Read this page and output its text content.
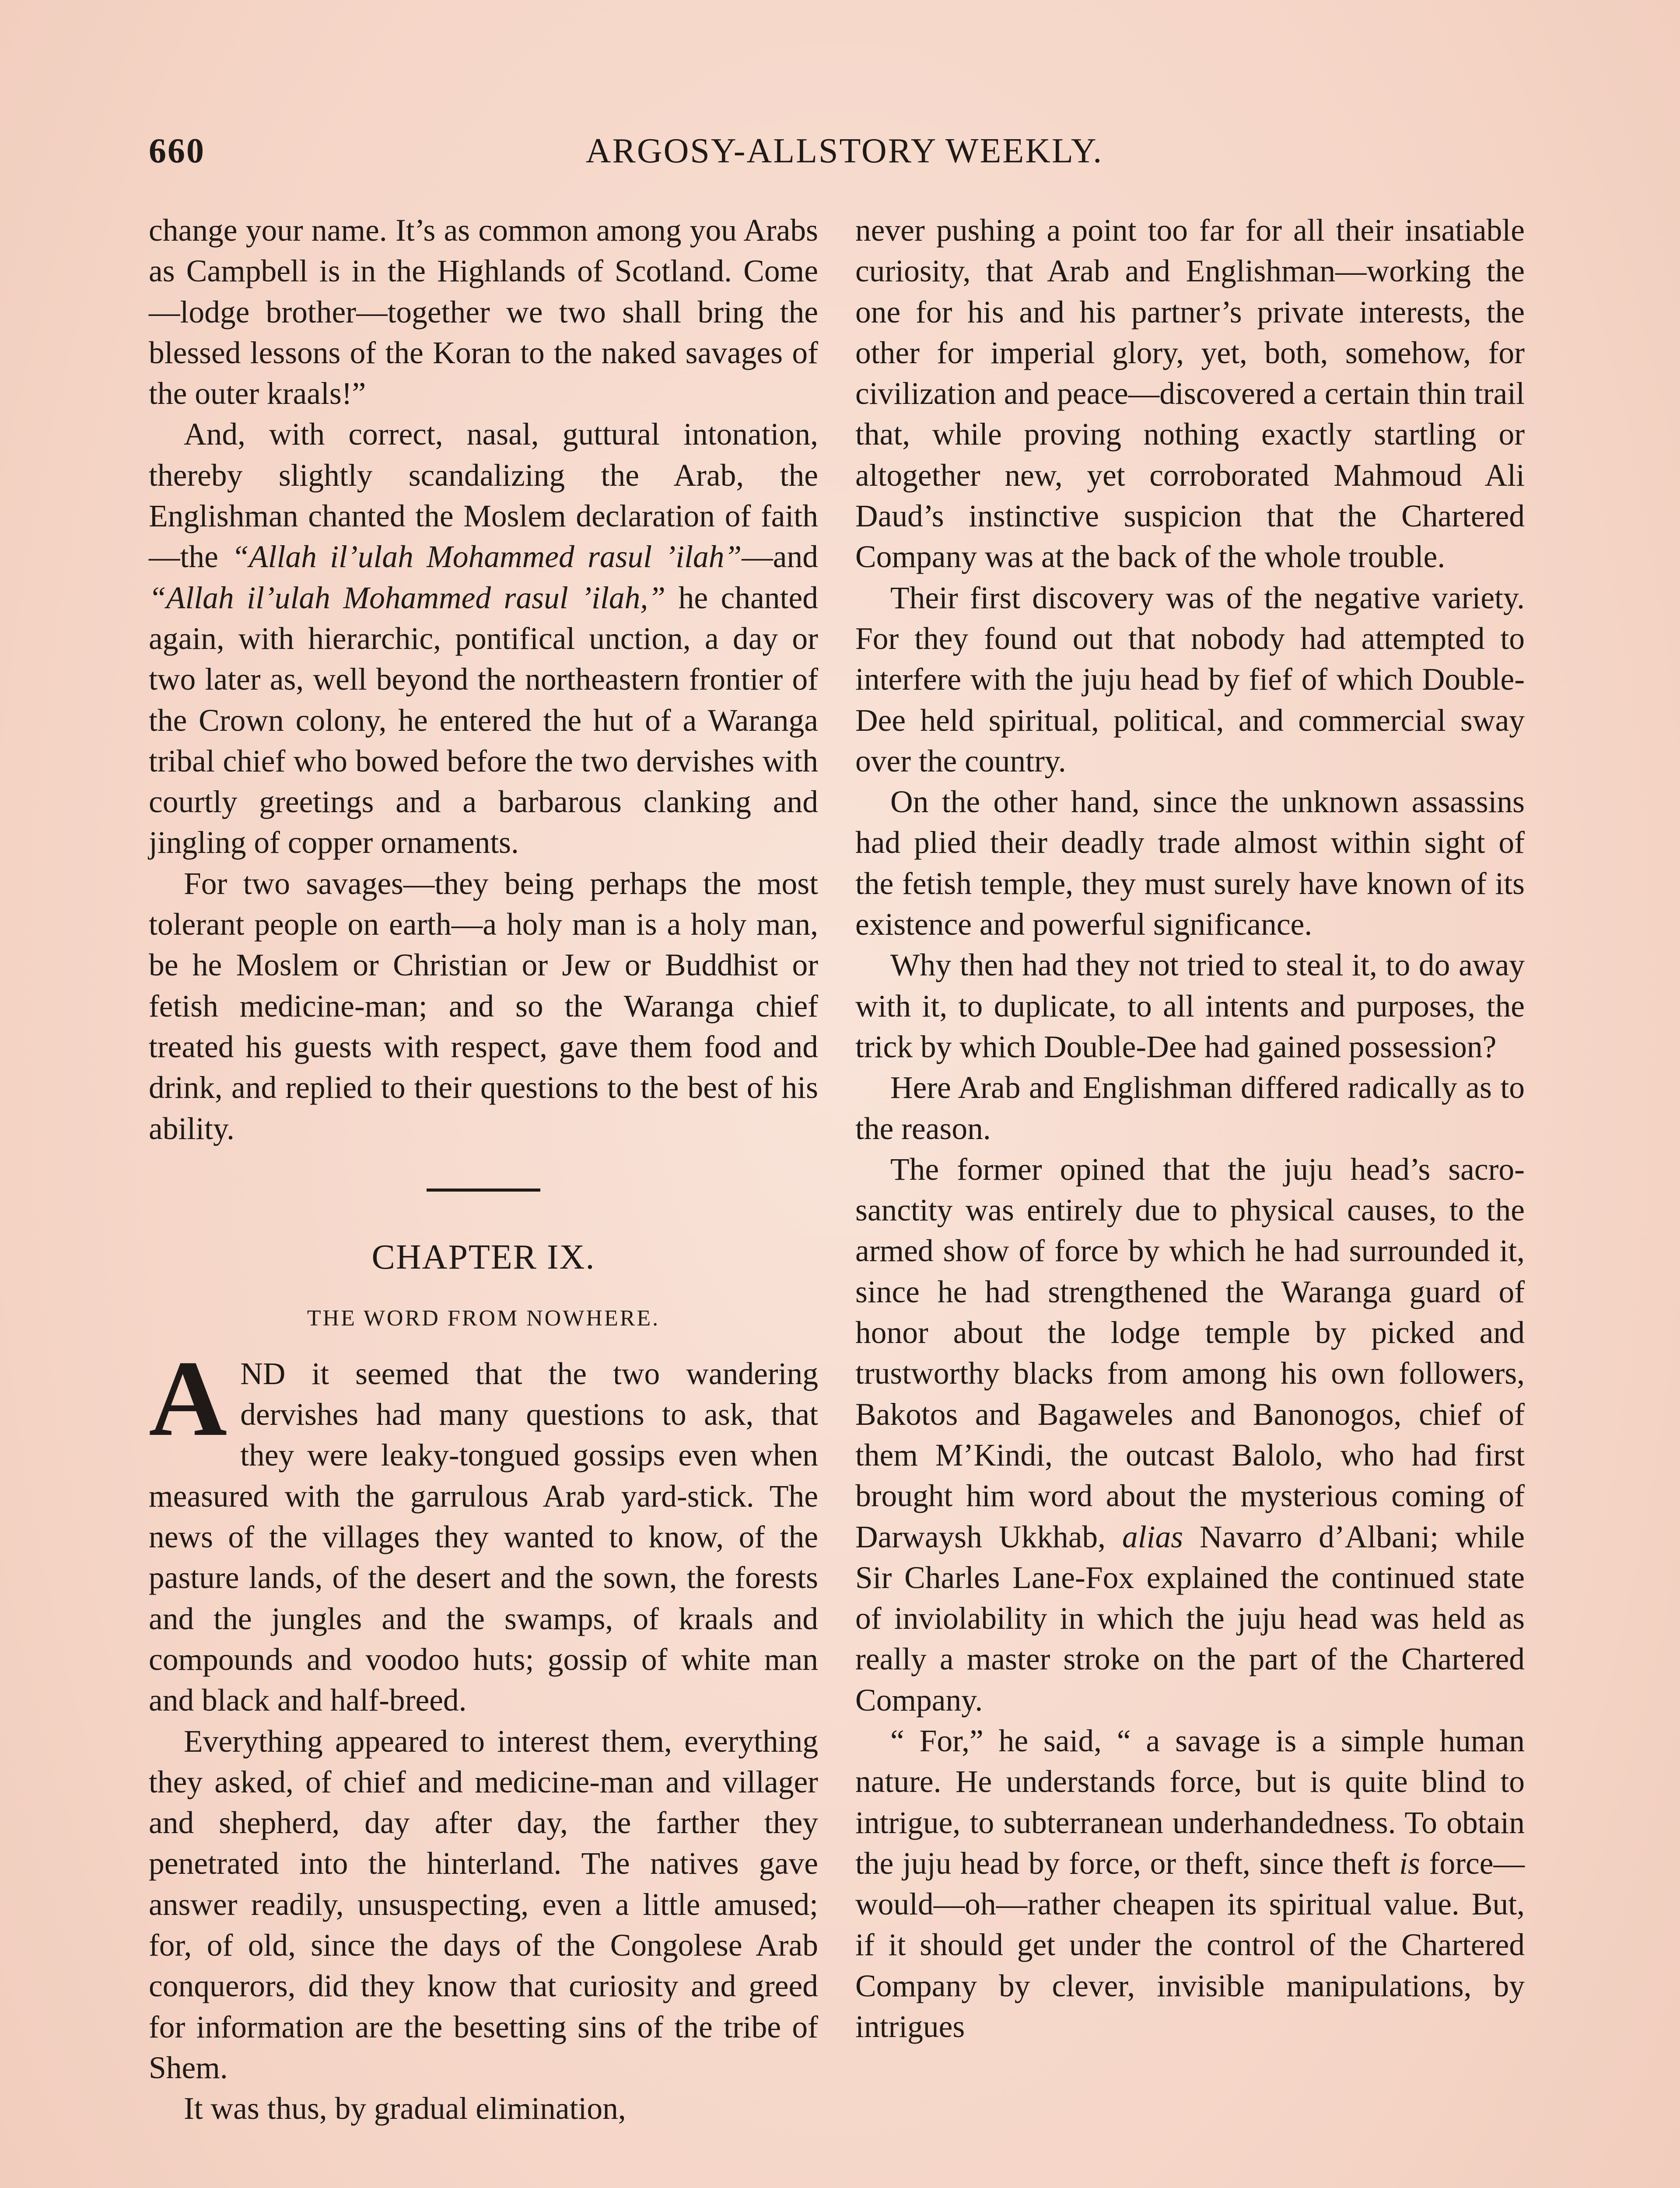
660	ARGOSY-ALLSTORY WEEKLY.

change your name. It’s as common among you Arabs as Campbell is in the Highlands of Scotland. Come—lodge brother—together we two shall bring the blessed lessons of the Koran to the naked savages of the outer kraals!”

And, with correct, nasal, guttural intonation, thereby slightly scandalizing the Arab, the Englishman chanted the Moslem declaration of faith—the “Allah il’ulah Mohammed rasul ’ilah”—and “Allah il’ulah Mohammed rasul ’ilah,” he chanted again, with hierarchic, pontifical unction, a day or two later as, well beyond the northeastern frontier of the Crown colony, he entered the hut of a Waranga tribal chief who bowed before the two dervishes with courtly greetings and a barbarous clanking and jingling of copper ornaments.

For two savages—they being perhaps the most tolerant people on earth—a holy man is a holy man, be he Moslem or Christian or Jew or Buddhist or fetish medicine-man; and so the Waranga chief treated his guests with respect, gave them food and drink, and replied to their questions to the best of his ability.

CHAPTER IX.
THE WORD FROM NOWHERE.

AND it seemed that the two wandering dervishes had many questions to ask, that they were leaky-tongued gossips even when measured with the garrulous Arab yard-stick. The news of the villages they wanted to know, of the pasture lands, of the desert and the sown, the forests and the jungles and the swamps, of kraals and compounds and voodoo huts; gossip of white man and black and half-breed.

Everything appeared to interest them, everything they asked, of chief and medicine-man and villager and shepherd, day after day, the farther they penetrated into the hinterland. The natives gave answer readily, unsuspecting, even a little amused; for, of old, since the days of the Congolese Arab conquerors, did they know that curiosity and greed for information are the besetting sins of the tribe of Shem.

It was thus, by gradual elimination,

never pushing a point too far for all their insatiable curiosity, that Arab and Englishman—working the one for his and his partner’s private interests, the other for imperial glory, yet, both, somehow, for civilization and peace—discovered a certain thin trail that, while proving nothing exactly startling or altogether new, yet corroborated Mahmoud Ali Daud’s instinctive suspicion that the Chartered Company was at the back of the whole trouble.

Their first discovery was of the negative variety. For they found out that nobody had attempted to interfere with the juju head by fief of which Double-Dee held spiritual, political, and commercial sway over the country.

On the other hand, since the unknown assassins had plied their deadly trade almost within sight of the fetish temple, they must surely have known of its existence and powerful significance.

Why then had they not tried to steal it, to do away with it, to duplicate, to all intents and purposes, the trick by which Double-Dee had gained possession?

Here Arab and Englishman differed radically as to the reason.

The former opined that the juju head’s sacro-sanctity was entirely due to physical causes, to the armed show of force by which he had surrounded it, since he had strengthened the Waranga guard of honor about the lodge temple by picked and trustworthy blacks from among his own followers, Bakotos and Bagaweles and Banonogos, chief of them M’Kindi, the outcast Balolo, who had first brought him word about the mysterious coming of Darwaysh Ukkhab, alias Navarro d’Albani; while Sir Charles Lane-Fox explained the continued state of inviolability in which the juju head was held as really a master stroke on the part of the Chartered Company.

“ For,” he said, “ a savage is a simple human nature. He understands force, but is quite blind to intrigue, to subterranean underhandedness. To obtain the juju head by force, or theft, since theft is force—would—oh—rather cheapen its spiritual value. But, if it should get under the control of the Chartered Company by clever, invisible manipulations, by intrigues
